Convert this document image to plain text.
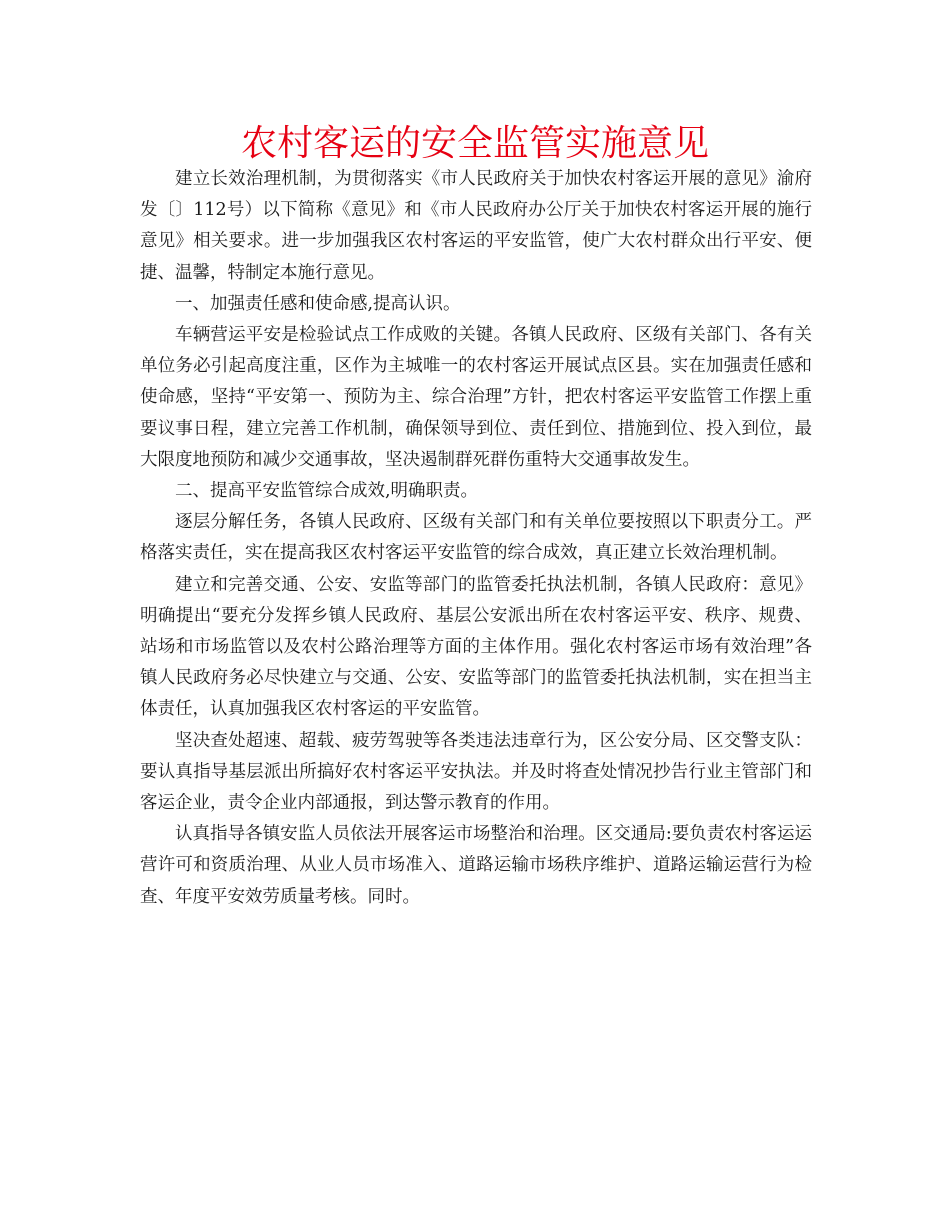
农村客运的安全监管实施意见

建立长效治理机制，为贯彻落实《市人民政府关于加快农村客运开展的意见》渝府发〔〕112号）以下简称《意见》和《市人民政府办公厅关于加快农村客运开展的施行意见》相关要求。进一步加强我区农村客运的平安监管，使广大农村群众出行平安、便捷、温馨，特制定本施行意见。

一、加强责任感和使命感,提高认识。

车辆营运平安是检验试点工作成败的关键。各镇人民政府、区级有关部门、各有关单位务必引起高度注重，区作为主城唯一的农村客运开展试点区县。实在加强责任感和使命感，坚持“平安第一、预防为主、综合治理”方针，把农村客运平安监管工作摆上重要议事日程，建立完善工作机制，确保领导到位、责任到位、措施到位、投入到位，最大限度地预防和减少交通事故，坚决遏制群死群伤重特大交通事故发生。

二、提高平安监管综合成效,明确职责。

逐层分解任务，各镇人民政府、区级有关部门和有关单位要按照以下职责分工。严格落实责任，实在提高我区农村客运平安监管的综合成效，真正建立长效治理机制。

建立和完善交通、公安、安监等部门的监管委托执法机制，各镇人民政府：意见》明确提出“要充分发挥乡镇人民政府、基层公安派出所在农村客运平安、秩序、规费、站场和市场监管以及农村公路治理等方面的主体作用。强化农村客运市场有效治理”各镇人民政府务必尽快建立与交通、公安、安监等部门的监管委托执法机制，实在担当主体责任，认真加强我区农村客运的平安监管。

坚决查处超速、超载、疲劳驾驶等各类违法违章行为，区公安分局、区交警支队：要认真指导基层派出所搞好农村客运平安执法。并及时将查处情况抄告行业主管部门和客运企业，责令企业内部通报，到达警示教育的作用。

认真指导各镇安监人员依法开展客运市场整治和治理。区交通局:要负责农村客运运营许可和资质治理、从业人员市场准入、道路运输市场秩序维护、道路运输运营行为检查、年度平安效劳质量考核。同时。
